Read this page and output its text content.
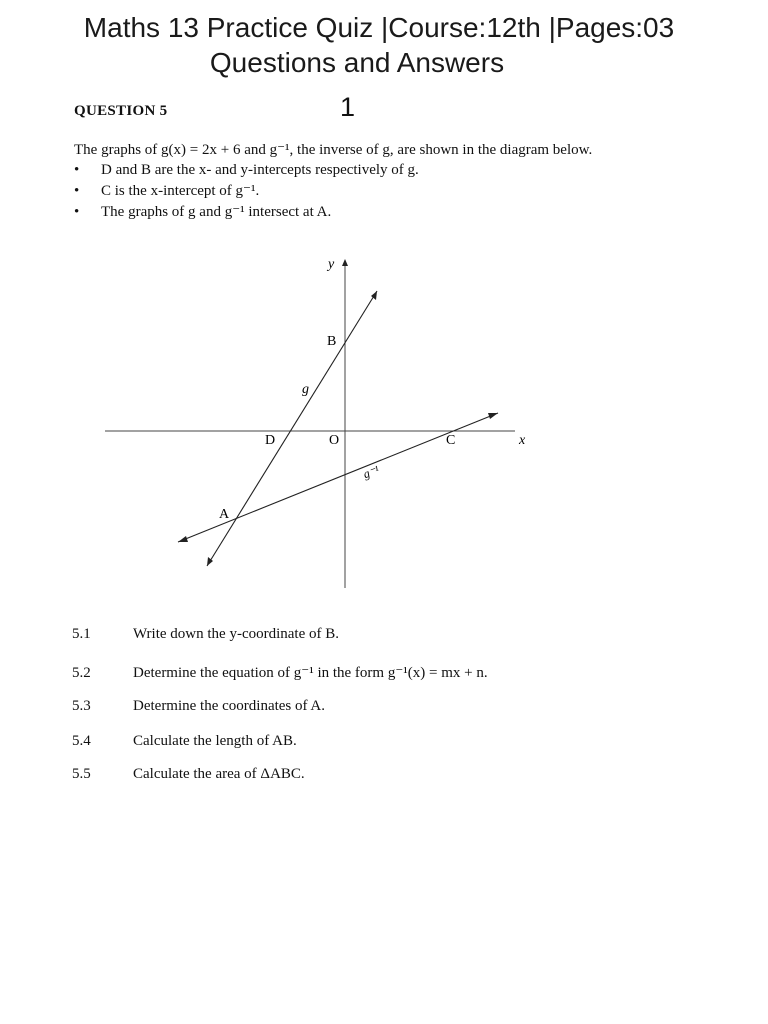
Maths 13 Practice Quiz |Course:12th |Pages:03
Questions and Answers
1
QUESTION 5
The graphs of g(x) = 2x + 6 and g⁻¹, the inverse of g, are shown in the diagram below.
• D and B are the x- and y-intercepts respectively of g.
• C is the x-intercept of g⁻¹.
• The graphs of g and g⁻¹ intersect at A.
y
x
B
D	O	C
A
g
g⁻¹
5.1	Write down the y-coordinate of B.
5.2	Determine the equation of g⁻¹ in the form g⁻¹(x) = mx + n.
5.3	Determine the coordinates of A.
5.4	Calculate the length of AB.
5.5	Calculate the area of ΔABC.
